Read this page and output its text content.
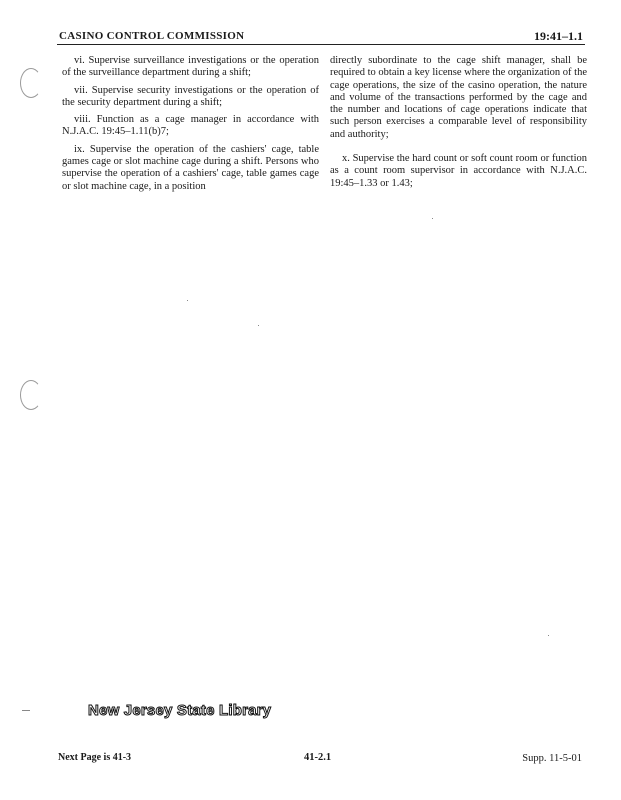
CASINO CONTROL COMMISSION	19:41–1.1

vi. Supervise surveillance investigations or the operation of the surveillance department during a shift;

vii. Supervise security investigations or the operation of the security department during a shift;

viii. Function as a cage manager in accordance with N.J.A.C. 19:45–1.11(b)7;

ix. Supervise the operation of the cashiers' cage, table games cage or slot machine cage during a shift. Persons who supervise the operation of a cashiers' cage, table games cage or slot machine cage, in a position

directly subordinate to the cage shift manager, shall be required to obtain a key license where the organization of the cage operations, the size of the casino operation, the nature and volume of the transactions performed by the cage and the number and locations of cage operations indicate that such person exercises a comparable level of responsibility and authority;

x. Supervise the hard count or soft count room or function as a count room supervisor in accordance with N.J.A.C. 19:45–1.33 or 1.43;

New Jersey State Library
Next Page is 41-3	41-2.1	Supp. 11-5-01
